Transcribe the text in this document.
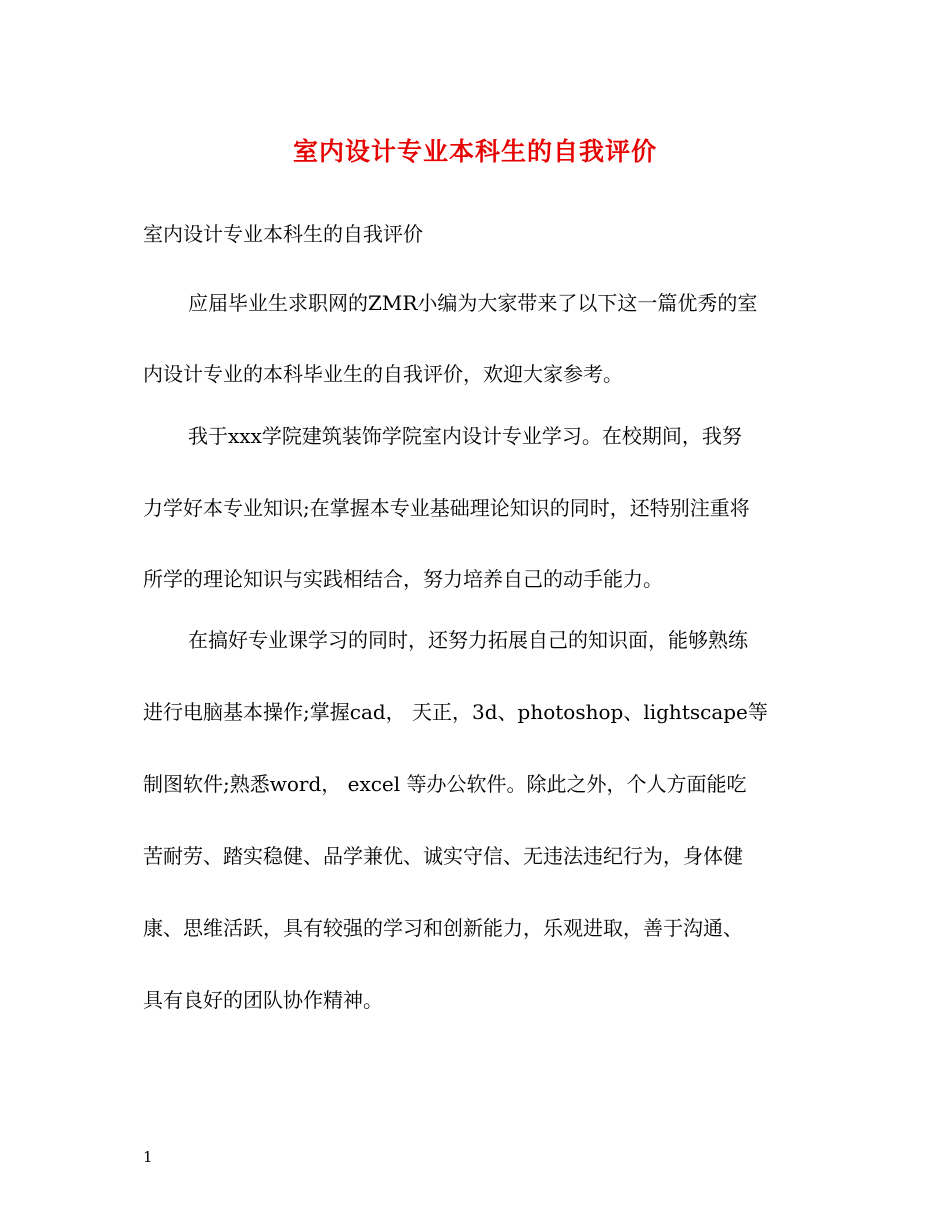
室内设计专业本科生的自我评价
室内设计专业本科生的自我评价
应届毕业生求职网的ZMR小编为大家带来了以下这一篇优秀的室
内设计专业的本科毕业生的自我评价，欢迎大家参考。
我于xxx学院建筑装饰学院室内设计专业学习。在校期间，我努
力学好本专业知识;在掌握本专业基础理论知识的同时，还特别注重将
所学的理论知识与实践相结合，努力培养自己的动手能力。
在搞好专业课学习的同时，还努力拓展自己的知识面，能够熟练
进行电脑基本操作;掌握cad， 天正，3d、photoshop、lightscape等
制图软件;熟悉word， excel 等办公软件。除此之外，个人方面能吃
苦耐劳、踏实稳健、品学兼优、诚实守信、无违法违纪行为，身体健
康、思维活跃，具有较强的学习和创新能力，乐观进取，善于沟通、
具有良好的团队协作精神。
1
